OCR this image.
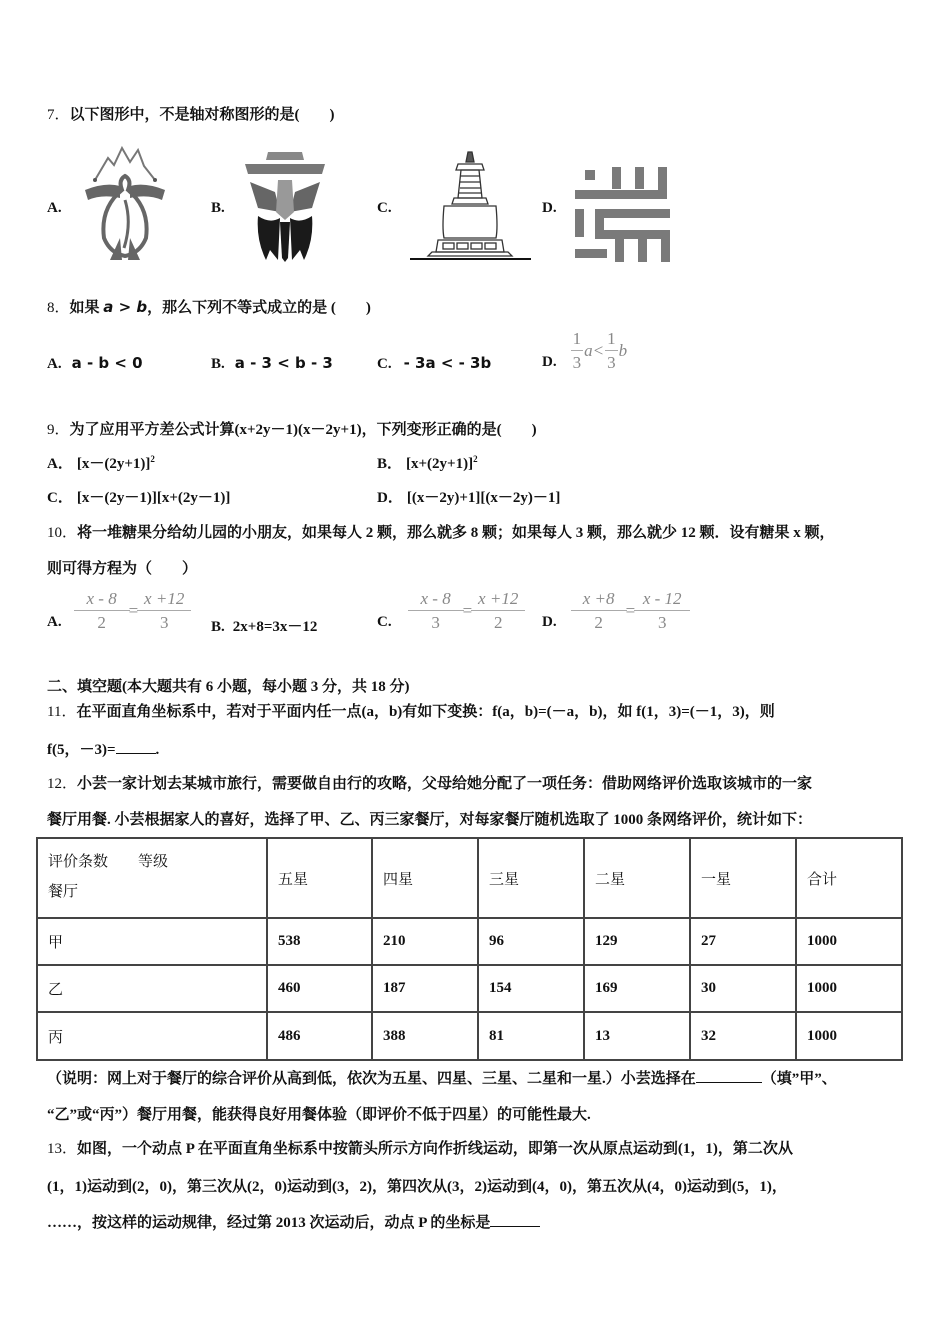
7．以下图形中，不是轴对称图形的是(　　)
A.	B.	C.	D.
8．如果 a > b，那么下列不等式成立的是 (　　)
A. a - b < 0	B. a - 3 < b - 3	C. - 3a < - 3b	D. $\frac{1}{3} a< \frac{1}{3}$ b
9．为了应用平方差公式计算(x+2y－1)(x－2y+1)，下列变形正确的是(　　)
A． $[x-(2y+1)]^2$	B． $[x+(2y+1)]^2$
C． [x－(2y－1)][x+(2y－1)]	D． [(x－2y)+1][(x－2y)－1]
10．将一堆糖果分给幼儿园的小朋友，如果每人 2 颗，那么就多 8 颗；如果每人 3 颗，那么就少 12 颗．设有糖果 x 颗，
则可得方程为（　　）
A. $\frac{x - 8}{2} = \frac{x +12}{3} B$. 2x+8=3x－12	C. $\frac{x - 8}{3} = \frac{x +12}{2} D$. $\frac{x +8}{2} = \frac{x - 12}{3}$
二、填空题(本大题共有 6 小题，每小题 3 分，共 18 分)
11．在平面直角坐标系中，若对于平面内任一点(a，b)有如下变换：f(a，b)=(－a，b)，如 f(1，3)=(－1，3)，则
f(5，－3)=	.
12．小芸一家计划去某城市旅行，需要做自由行的攻略，父母给她分配了一项任务：借助网络评价选取该城市的一家
餐厅用餐. 小芸根据家人的喜好，选择了甲、乙、丙三家餐厅，对每家餐厅随机选取了 1000 条网络评价，统计如下：
评价条数　　等级
餐厅	五星	四星	三星	二星	一星	合计
甲	538	210	96	129	27	1000
乙	460	187	154	169	30	1000
丙	486	388	81	13	32	1000
（说明：网上对于餐厅的综合评价从高到低，依次为五星、四星、三星、二星和一星.）小芸选择在	（填”甲”、
“乙”或“丙”）餐厅用餐，能获得良好用餐体验（即评价不低于四星）的可能性最大.
13．如图，一个动点 P 在平面直角坐标系中按箭头所示方向作折线运动，即第一次从原点运动到(1，1)，第二次从
(1，1)运动到(2，0)，第三次从(2，0)运动到(3，2)，第四次从(3，2)运动到(4，0)，第五次从(4，0)运动到(5，1)，
……，按这样的运动规律，经过第 2013 次运动后，动点 P 的坐标是
